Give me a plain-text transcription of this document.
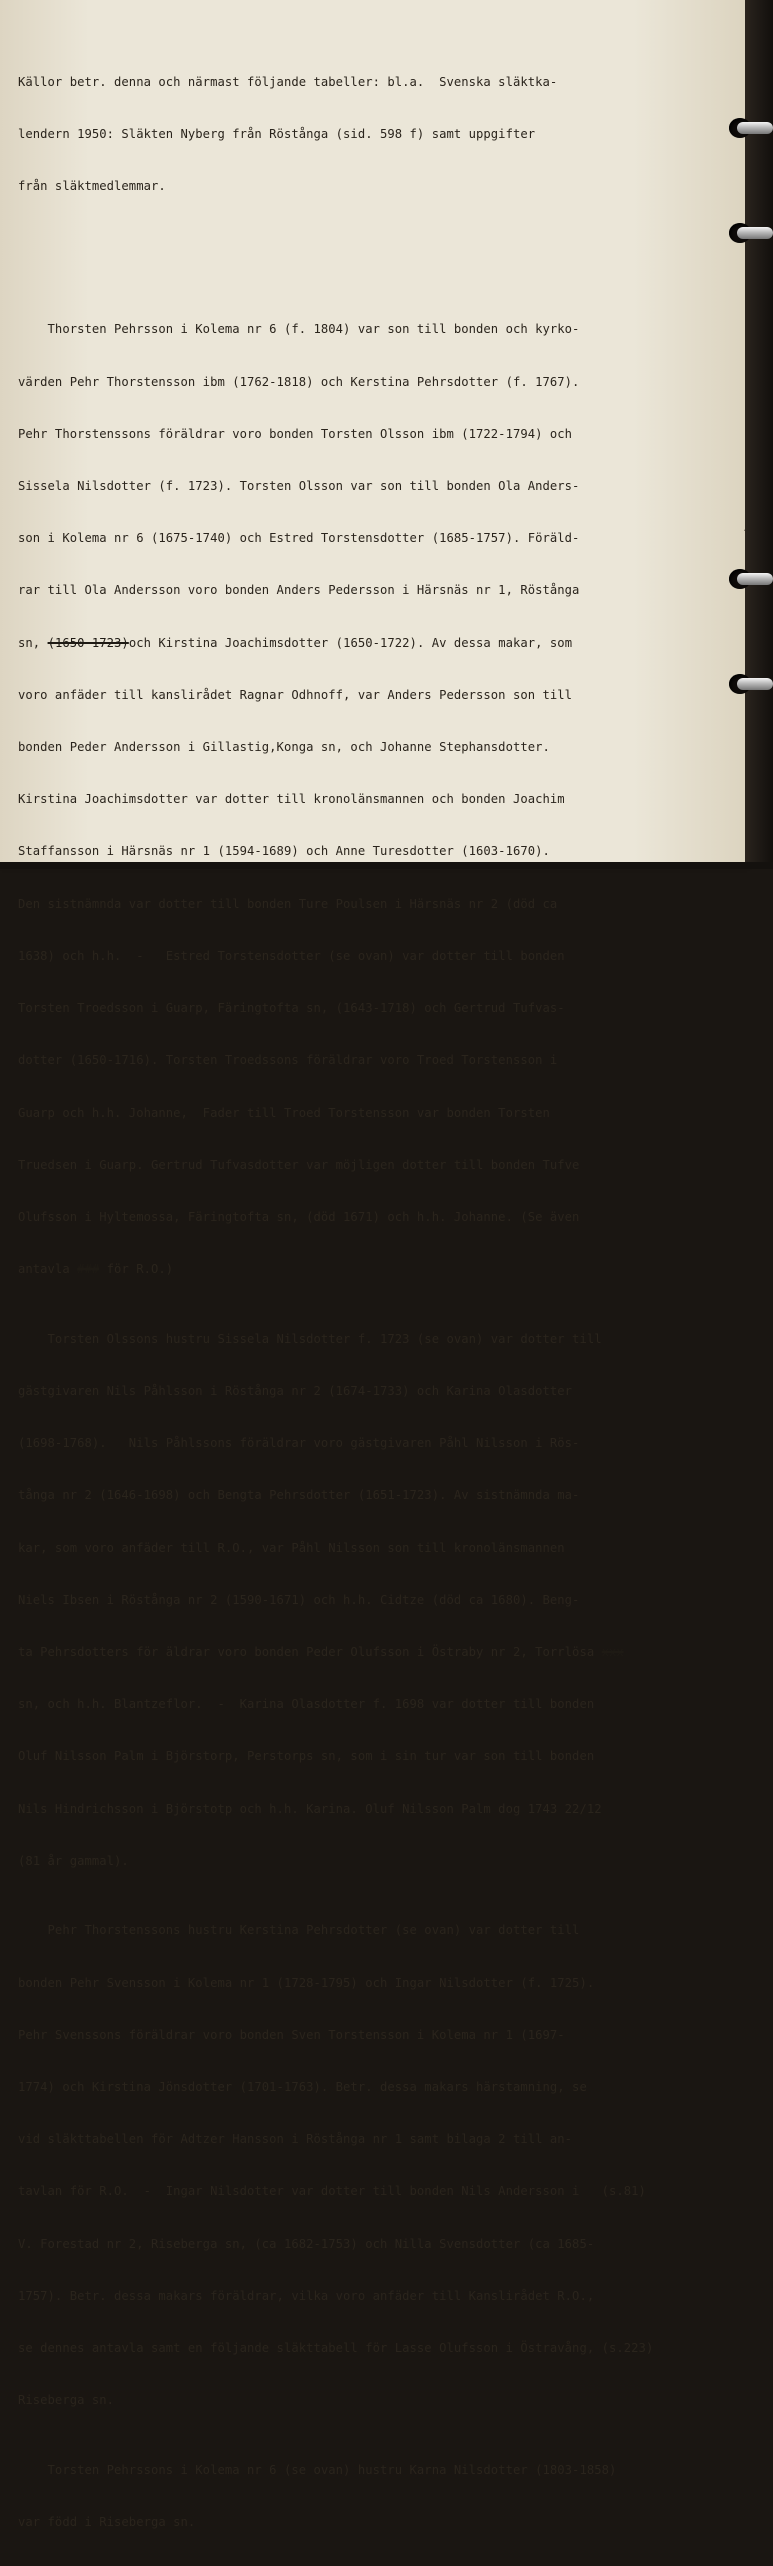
Källor betr. denna och närmast följande tabeller: bl.a.  Svenska släktka-

lendern 1950: Släkten Nyberg från Röstånga (sid. 598 f) samt uppgifter

från släktmedlemmar.

Thorsten Pehrsson i Kolema nr 6 (f. 1804) var son till bonden och kyrko-

värden Pehr Thorstensson ibm (1762-1818) och Kerstina Pehrsdotter (f. 1767).

Pehr Thorstenssons föräldrar voro bonden Torsten Olsson ibm (1722-1794) och

Sissela Nilsdotter (f. 1723). Torsten Olsson var son till bonden Ola Anders-

son i Kolema nr 6 (1675-1740) och Estred Torstensdotter (1685-1757). Föräld-

rar till Ola Andersson voro bonden Anders Pedersson i Härsnäs nr 1, Röstånga

sn, (1650-1723)och Kirstina Joachimsdotter (1650-1722). Av dessa makar, som

voro anfäder till kanslirådet Ragnar Odhnoff, var Anders Pedersson son till

bonden Peder Andersson i Gillastig,Konga sn, och Johanne Stephansdotter.

Kirstina Joachimsdotter var dotter till kronolänsmannen och bonden Joachim

Staffansson i Härsnäs nr 1 (1594-1689) och Anne Turesdotter (1603-1670).

Den sistnämnda var dotter till bonden Ture Poulsen i Härsnäs nr 2 (död ca

1638) och h.h.  -   Estred Torstensdotter (se ovan) var dotter till bonden

Torsten Troedsson i Guarp, Färingtofta sn, (1643-1718) och Gertrud Tufvas-

dotter (1650-1716). Torsten Troedssons föräldrar voro Troed Torstensson i

Guarp och h.h. Johanne,  Fader till Troed Torstensson var bonden Torsten

Truedsen i Guarp. Gertrud Tufvasdotter var möjligen dotter till bonden Tufve

Olufsson i Hyltemossa, Färingtofta sn, (död 1671) och h.h. Johanne. (Se även

antavla ### för R.O.)

Torsten Olssons hustru Sissela Nilsdotter f. 1723 (se ovan) var dotter till

gästgivaren Nils Påhlsson i Röstånga nr 2 (1674-1733) och Karina Olasdotter

(1698-1768).   Nils Påhlssons föräldrar voro gästgivaren Påhl Nilsson i Rös-

tånga nr 2 (1646-1698) och Bengta Pehrsdotter (1651-1723). Av sistnämnda ma-

kar, som voro anfäder till R.O., var Påhl Nilsson son till kronolänsmannen

Niels Ibsen i Röstånga nr 2 (1590-1671) och h.h. Cidtze (död ca 1680). Beng-

ta Pehrsdotters för äldrar voro bonden Peder Olufsson i Östraby nr 2, Torrlösa xxx

sn, och h.h. Blantzeflor.  -  Karina Olasdotter f. 1698 var dotter till bonden

Oluf Nilsson Palm i Björstorp, Perstorps sn, som i sin tur var son till bonden

Nils Hindrichsson i Björstotp och h.h. Karina. Oluf Nilsson Palm dog 1743 22/12

(81 år gammal).

Pehr Thorstenssons hustru Kerstina Pehrsdotter (se ovan) var dotter till

bonden Pehr Svensson i Kolema nr 1 (1728-1795) och Ingar Nilsdotter (f. 1725).

Pehr Svenssons föräldrar voro bonden Sven Torstensson i Kolema nr 1 (1697-

1774) och Kirstina Jönsdotter (1701-1763). Betr. dessa makars härstamning, se

vid släkttabellen för Adtzer Hansson i Röstånga nr 1 samt bilaga 2 till an-

tavlan för R.O.  -  Ingar Nilsdotter var dotter till bonden Nils Andersson i (s.81)

V. Forestad nr 2, Riseberga sn, (ca 1682-1753) och Nilla Svensdotter (ca 1685-

1757). Betr. dessa makars föräldrar, vilka voro anfäder till Kanslirådet R.O.,

se dennes antavla samt en följande släkttabell för Lasse Olufsson i Östravång, (s.223)

Riseberga sn.

Torsten Pehrssons i Kolema nr 6 (se ovan) hustru Karna Nilsdotter (1803-1858)

var född i Riseberga sn.
